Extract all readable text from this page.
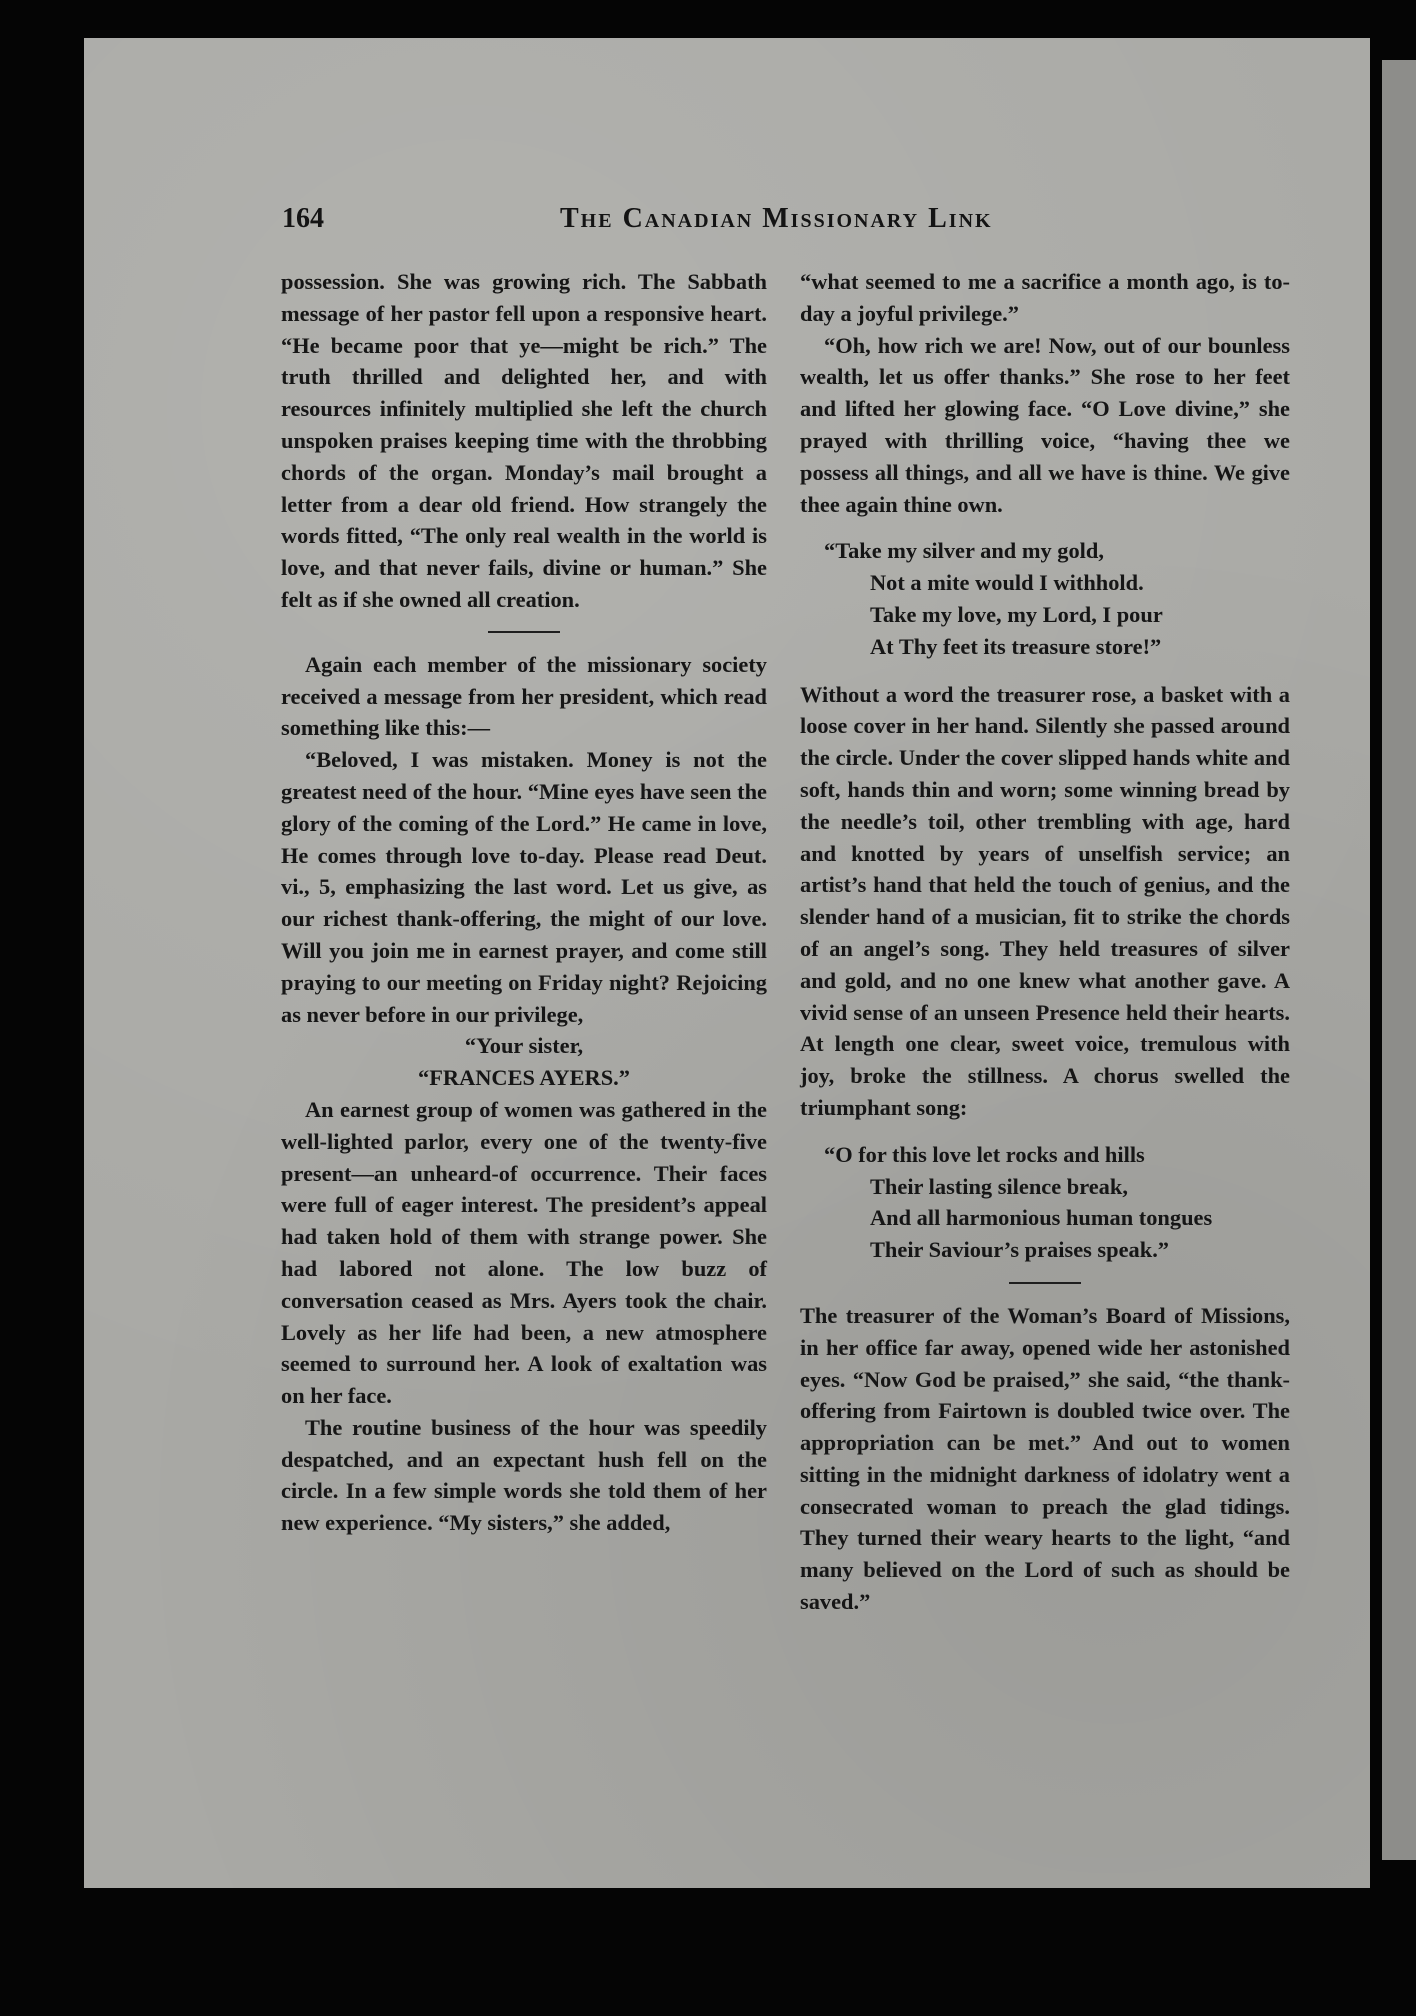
164	The Canadian Missionary Link

possession. She was growing rich. The Sabbath message of her pastor fell upon a responsive heart. “He became poor that ye—might be rich.” The truth thrilled and delighted her, and with resources infinitely multiplied she left the church unspoken praises keeping time with the throbbing chords of the organ. Monday’s mail brought a letter from a dear old friend. How strangely the words fitted, “The only real wealth in the world is love, and that never fails, divine or human.” She felt as if she owned all creation.

Again each member of the missionary society received a message from her president, which read something like this:—

“Beloved, I was mistaken. Money is not the greatest need of the hour. “Mine eyes have seen the glory of the coming of the Lord.” He came in love, He comes through love to-day. Please read Deut. vi., 5, emphasizing the last word. Let us give, as our richest thank-offering, the might of our love. Will you join me in earnest prayer, and come still praying to our meeting on Friday night? Rejoicing as never before in our privilege,

“Your sister,
“FRANCES AYERS.”

An earnest group of women was gathered in the well-lighted parlor, every one of the twenty-five present—an unheard-of occurrence. Their faces were full of eager interest. The president’s appeal had taken hold of them with strange power. She had labored not alone. The low buzz of conversation ceased as Mrs. Ayers took the chair. Lovely as her life had been, a new atmosphere seemed to surround her. A look of exaltation was on her face.

The routine business of the hour was speedily despatched, and an expectant hush fell on the circle. In a few simple words she told them of her new experience. “My sisters,” she added,

“what seemed to me a sacrifice a month ago, is to-day a joyful privilege.”

“Oh, how rich we are! Now, out of our bounless wealth, let us offer thanks.” She rose to her feet and lifted her glowing face. “O Love divine,” she prayed with thrilling voice, “having thee we possess all things, and all we have is thine. We give thee again thine own.

“Take my silver and my gold,
Not a mite would I withhold.
Take my love, my Lord, I pour
At Thy feet its treasure store!”

Without a word the treasurer rose, a basket with a loose cover in her hand. Silently she passed around the circle. Under the cover slipped hands white and soft, hands thin and worn; some winning bread by the needle’s toil, other trembling with age, hard and knotted by years of unselfish service; an artist’s hand that held the touch of genius, and the slender hand of a musician, fit to strike the chords of an angel’s song. They held treasures of silver and gold, and no one knew what another gave. A vivid sense of an unseen Presence held their hearts. At length one clear, sweet voice, tremulous with joy, broke the stillness. A chorus swelled the triumphant song:

“O for this love let rocks and hills
Their lasting silence break,
And all harmonious human tongues
Their Saviour’s praises speak.”

The treasurer of the Woman’s Board of Missions, in her office far away, opened wide her astonished eyes. “Now God be praised,” she said, “the thank-offering from Fairtown is doubled twice over. The appropriation can be met.” And out to women sitting in the midnight darkness of idolatry went a consecrated woman to preach the glad tidings. They turned their weary hearts to the light, “and many believed on the Lord of such as should be saved.”
